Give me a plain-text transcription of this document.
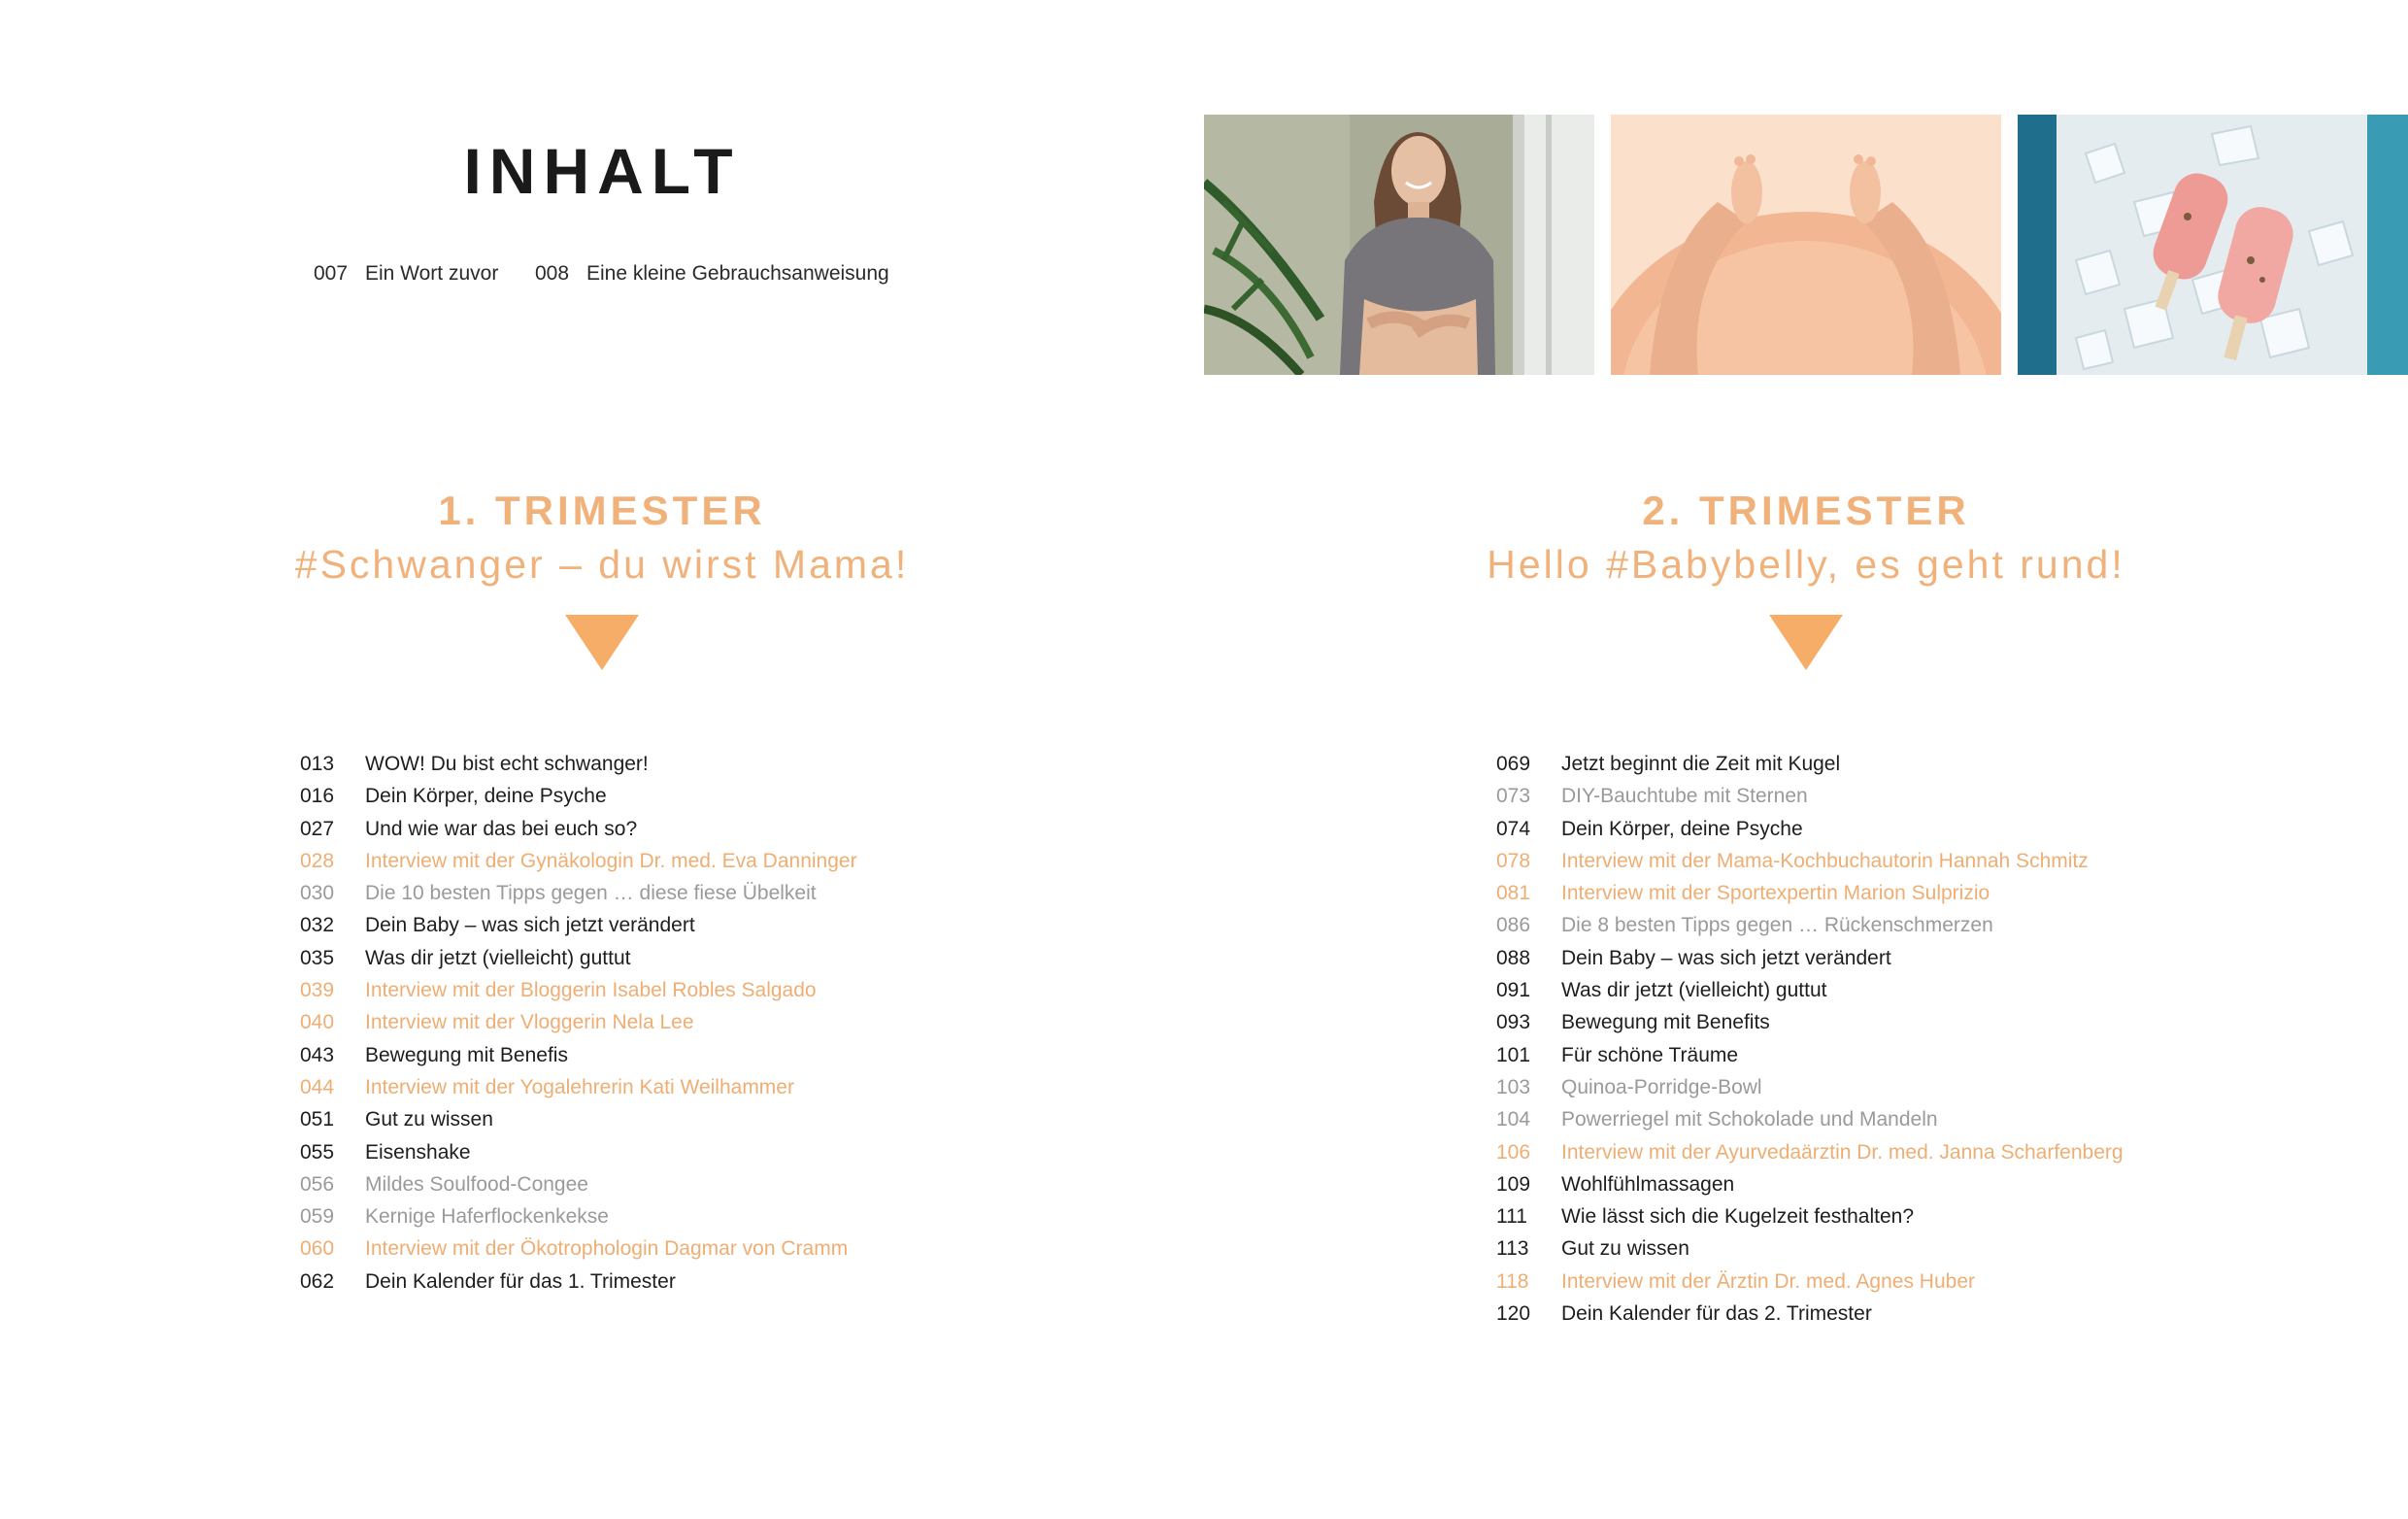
INHALT
007 Ein Wort zuvor 008 Eine kleine Gebrauchsanweisung
1. TRIMESTER
#Schwanger – du wirst Mama!
2. TRIMESTER
Hello #Babybelly, es geht rund!
013 WOW! Du bist echt schwanger!
016 Dein Körper, deine Psyche
027 Und wie war das bei euch so?
028 Interview mit der Gynäkologin Dr. med. Eva Danninger
030 Die 10 besten Tipps gegen … diese fiese Übelkeit
032 Dein Baby – was sich jetzt verändert
035 Was dir jetzt (vielleicht) guttut
039 Interview mit der Bloggerin Isabel Robles Salgado
040 Interview mit der Vloggerin Nela Lee
043 Bewegung mit Benefis
044 Interview mit der Yogalehrerin Kati Weilhammer
051 Gut zu wissen
055 Eisenshake
056 Mildes Soulfood-Congee
059 Kernige Haferflockenkekse
060 Interview mit der Ökotrophologin Dagmar von Cramm
062 Dein Kalender für das 1. Trimester
069 Jetzt beginnt die Zeit mit Kugel
073 DIY-Bauchtube mit Sternen
074 Dein Körper, deine Psyche
078 Interview mit der Mama-Kochbuchautorin Hannah Schmitz
081 Interview mit der Sportexpertin Marion Sulprizio
086 Die 8 besten Tipps gegen … Rückenschmerzen
088 Dein Baby – was sich jetzt verändert
091 Was dir jetzt (vielleicht) guttut
093 Bewegung mit Benefits
101 Für schöne Träume
103 Quinoa-Porridge-Bowl
104 Powerriegel mit Schokolade und Mandeln
106 Interview mit der Ayurvedaärztin Dr. med. Janna Scharfenberg
109 Wohlfühlmassagen
111 Wie lässt sich die Kugelzeit festhalten?
113 Gut zu wissen
118 Interview mit der Ärztin Dr. med. Agnes Huber
120 Dein Kalender für das 2. Trimester
